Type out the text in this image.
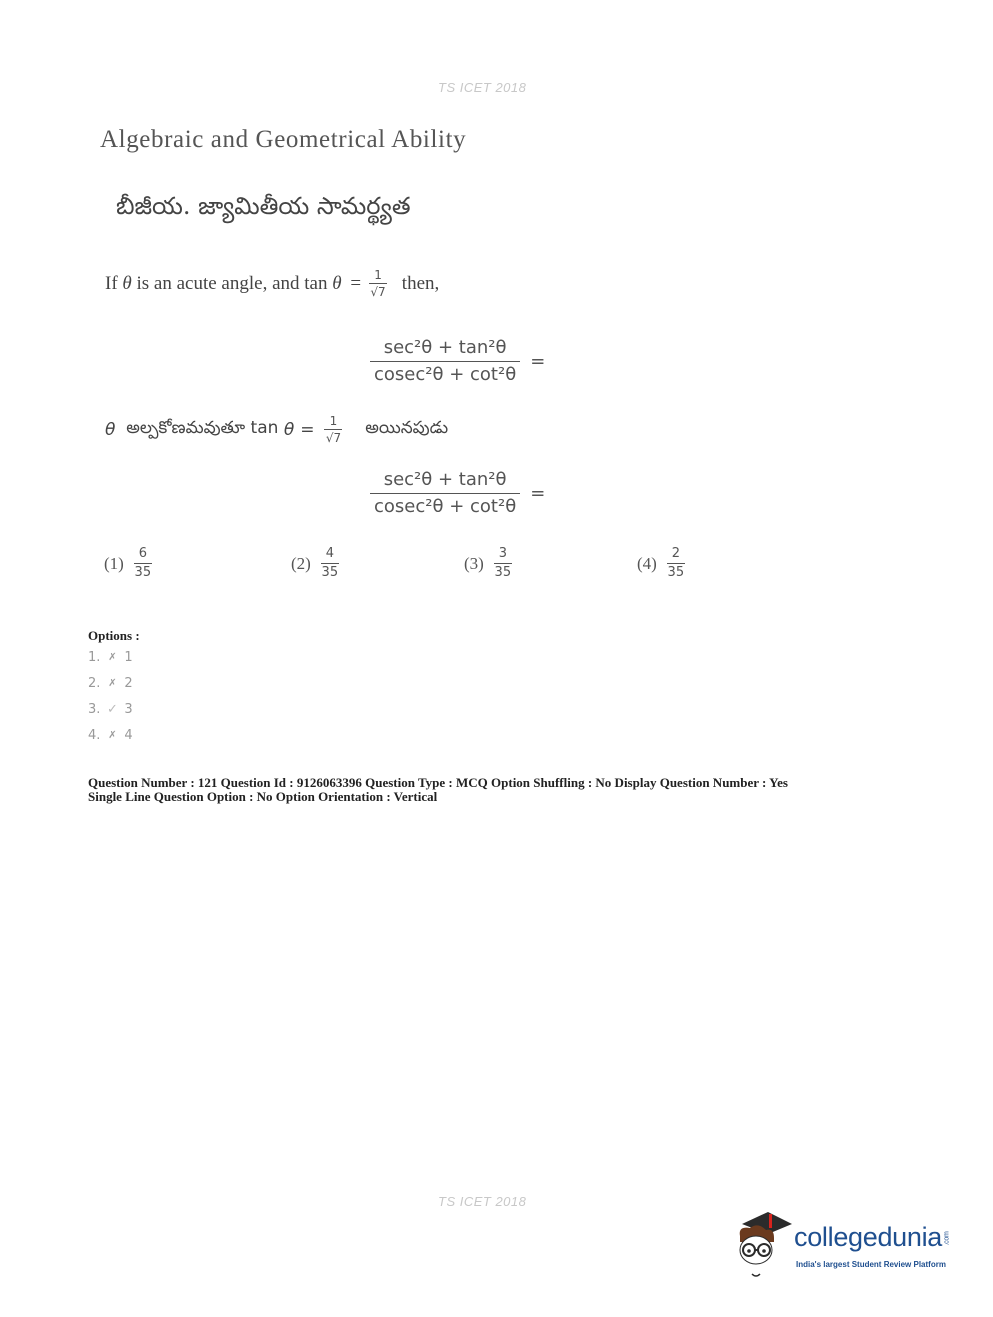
TS ICET 2018
Algebraic and Geometrical Ability
బీజీయ. జ్యామితీయ సామర్థ్యత
If
θ
is an acute angle, and tan
θ
= $\frac{1}{√7}$
then,
sec²θ + tan²θ
cosec²θ + cot²θ
=
θ
అల్పకోణమవుతూ tan
$\theta = \frac{1}{√7}$
అయినపుడు
sec²θ + tan²θ
cosec²θ + cot²θ
=
$(1) \frac{6}{35}$	$(2) \frac{4}{35}$	$(3) \frac{3}{35}$	$(4) \frac{2}{35}$
Options :
1. ✗ 1
2. ✗ 2
3. ✓ 3
4. ✗ 4
Question Number : 121 Question Id : 9126063396 Question Type : MCQ Option Shuffling : No Display Question Number : Yes
Single Line Question Option : No Option Orientation : Vertical
TS ICET 2018
collegedunia.com
India's largest Student Review Platform
